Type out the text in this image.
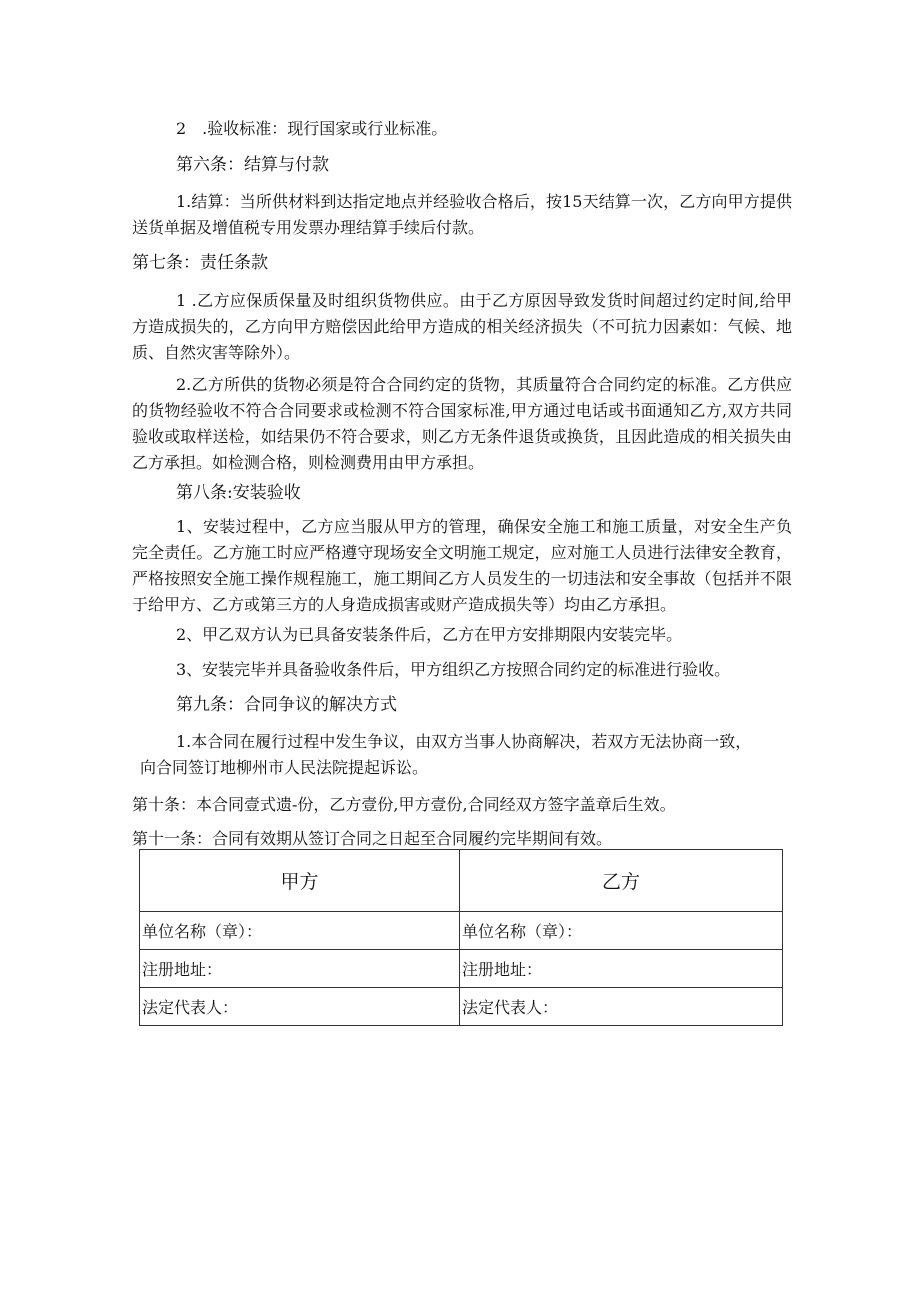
2　.验收标准：现行国家或行业标准。
第六条：结算与付款
1.结算：当所供材料到达指定地点并经验收合格后，按15天结算一次，乙方向甲方提供送货单据及增值税专用发票办理结算手续后付款。
第七条：责任条款
1 .乙方应保质保量及时组织货物供应。由于乙方原因导致发货时间超过约定时间,给甲方造成损失的，乙方向甲方赔偿因此给甲方造成的相关经济损失（不可抗力因素如：气候、地质、自然灾害等除外）。
2.乙方所供的货物必须是符合合同约定的货物，其质量符合合同约定的标准。乙方供应的货物经验收不符合合同要求或检测不符合国家标准,甲方通过电话或书面通知乙方,双方共同验收或取样送检，如结果仍不符合要求，则乙方无条件退货或换货，且因此造成的相关损失由乙方承担。如检测合格，则检测费用由甲方承担。
第八条:安装验收
1、安装过程中，乙方应当服从甲方的管理，确保安全施工和施工质量，对安全生产负完全责任。乙方施工时应严格遵守现场安全文明施工规定，应对施工人员进行法律安全教育，严格按照安全施工操作规程施工，施工期间乙方人员发生的一切违法和安全事故（包括并不限于给甲方、乙方或第三方的人身造成损害或财产造成损失等）均由乙方承担。
2、甲乙双方认为已具备安装条件后，乙方在甲方安排期限内安装完毕。
3、安装完毕并具备验收条件后，甲方组织乙方按照合同约定的标准进行验收。
第九条：合同争议的解决方式
1.本合同在履行过程中发生争议，由双方当事人协商解决，若双方无法协商一致，
向合同签订地柳州市人民法院提起诉讼。
第十条：本合同壹式遗-份，乙方壹份,甲方壹份,合同经双方签字盖章后生效。
第十一条：合同有效期从签订合同之日起至合同履约完毕期间有效。
甲方	乙方
单位名称（章）：	单位名称（章）：
注册地址：	注册地址：
法定代表人：	法定代表人：
